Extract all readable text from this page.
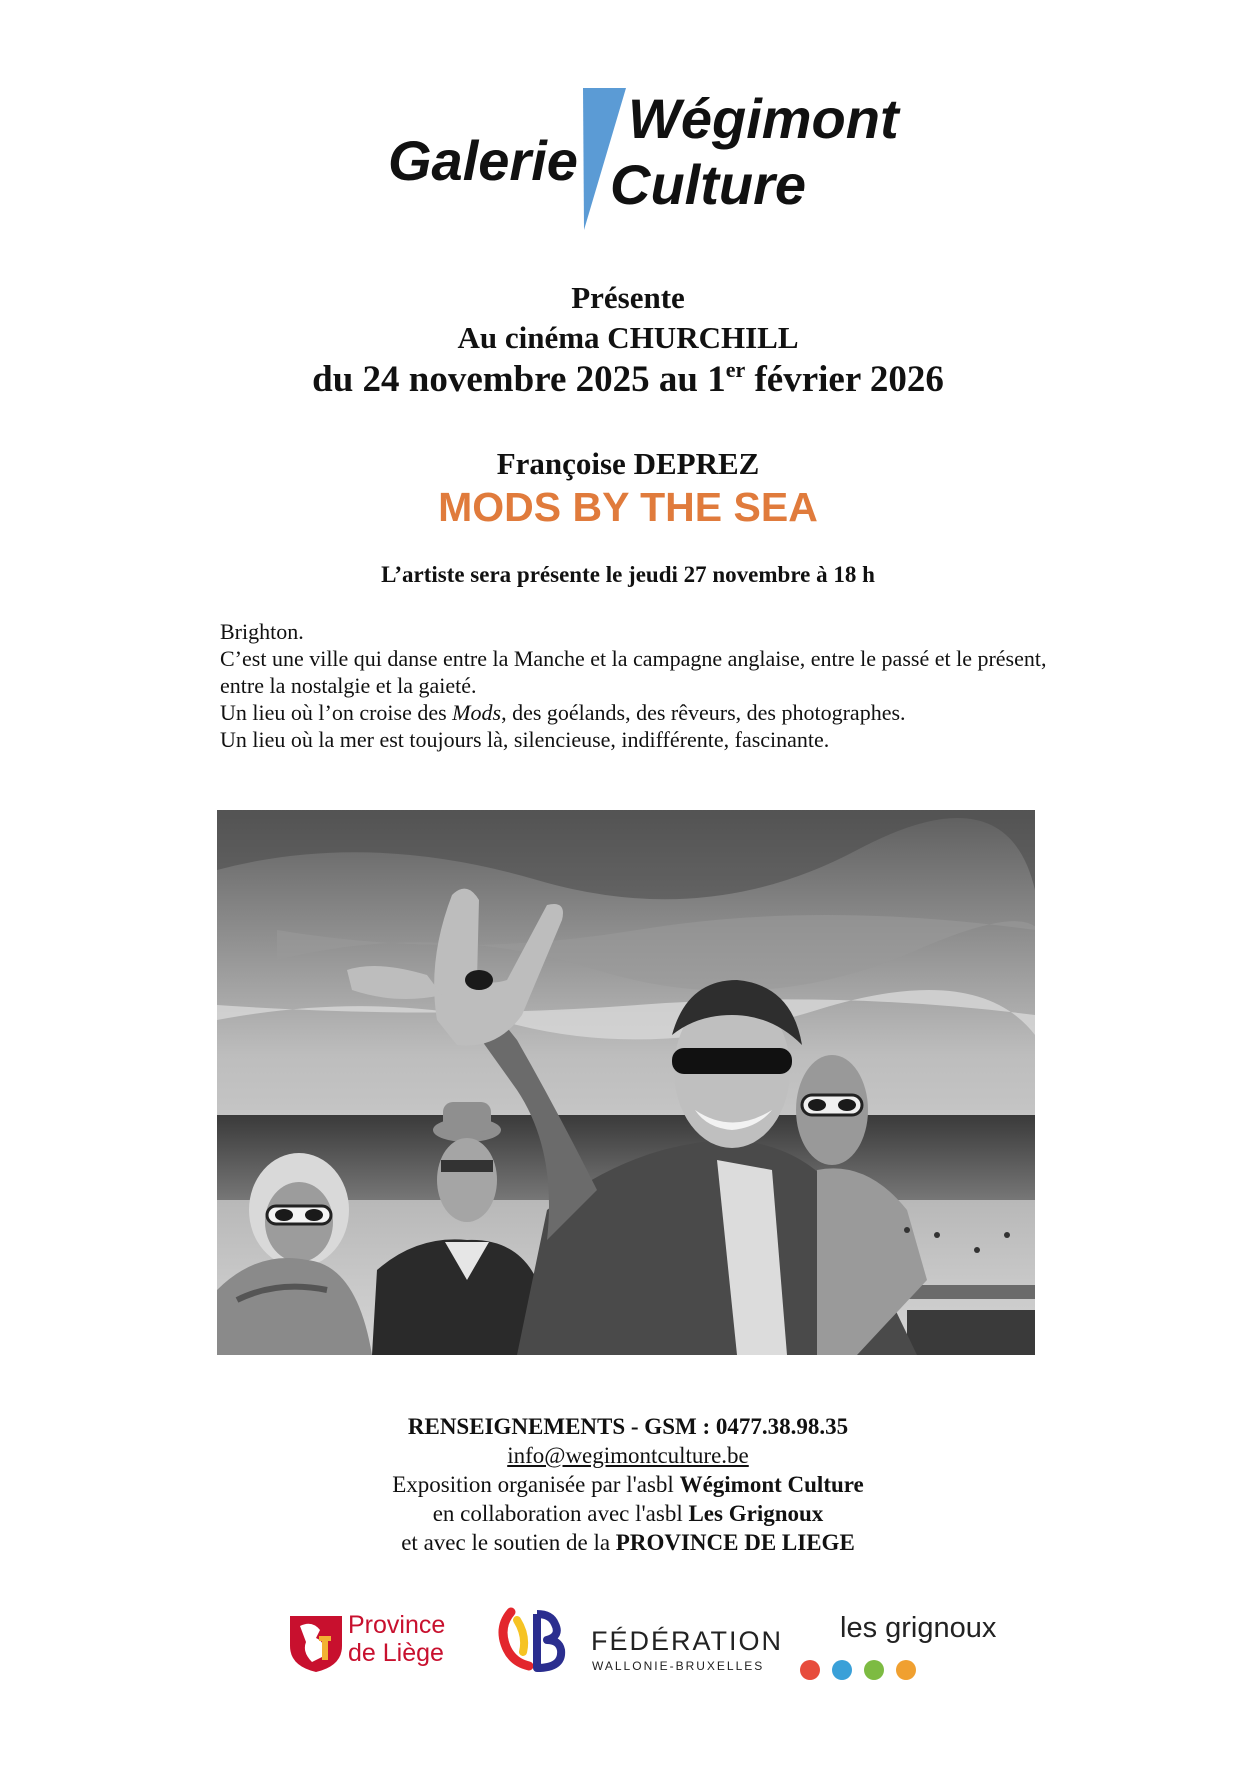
Galerie
Wégimont
Culture
Présente
Au cinéma CHURCHILL
du 24 novembre 2025 au 1er février 2026
Françoise DEPREZ
MODS BY THE SEA
L’artiste sera présente le jeudi 27 novembre à 18 h

Brighton.

C’est une ville qui danse entre la Manche et la campagne anglaise, entre le passé et le présent, entre la nostalgie et la gaieté.

Un lieu où l’on croise des Mods, des goélands, des rêveurs, des photographes.

Un lieu où la mer est toujours là, silencieuse, indifférente, fascinante.

RENSEIGNEMENTS - GSM : 0477.38.98.35
info@wegimontculture.be
Exposition organisée par l'asbl Wégimont Culture
en collaboration avec l'asbl Les Grignoux
et avec le soutien de la PROVINCE DE LIEGE
Province
de Liège	FÉDÉRATION
WALLONIE-BRUXELLES
les grignoux
